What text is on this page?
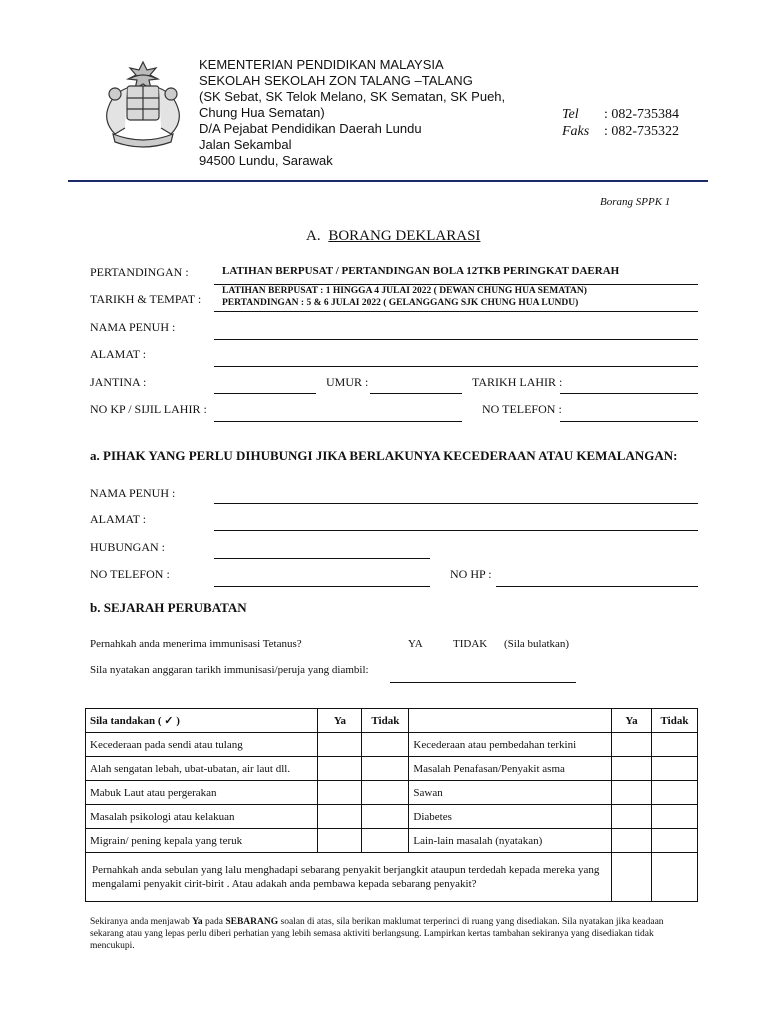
KEMENTERIAN PENDIDIKAN MALAYSIA
SEKOLAH SEKOLAH ZON TALANG –TALANG
(SK Sebat, SK Telok Melano, SK Sematan, SK Pueh,
Chung Hua Sematan)
D/A Pejabat Pendidikan Daerah Lundu
Jalan Sekambal
94500 Lundu, Sarawak
Tel : 082-735384
Faks : 082-735322
Borang SPPK 1
A. BORANG DEKLARASI
PERTANDINGAN :	LATIHAN BERPUSAT / PERTANDINGAN BOLA 12TKB PERINGKAT DAERAH
TARIKH & TEMPAT :
LATIHAN BERPUSAT : 1 HINGGA 4 JULAI 2022 ( DEWAN CHUNG HUA SEMATAN)
PERTANDINGAN : 5 & 6 JULAI 2022 ( GELANGGANG SJK CHUNG HUA LUNDU)
NAMA PENUH :
ALAMAT :
JANTINA :	UMUR :	TARIKH LAHIR :
NO KP / SIJIL LAHIR :	NO TELEFON :
a. PIHAK YANG PERLU DIHUBUNGI JIKA BERLAKUNYA KECEDERAAN ATAU KEMALANGAN:
NAMA PENUH :
ALAMAT :
HUBUNGAN :
NO TELEFON :	NO HP :
b. SEJARAH PERUBATAN
Pernahkah anda menerima immunisasi Tetanus?	YA	TIDAK (Sila bulatkan)
Sila nyatakan anggaran tarikh immunisasi/peruja yang diambil:
Sila tandakan ( ✓ )	Ya	Tidak		Ya	Tidak
Kecederaan pada sendi atau tulang			Kecederaan atau pembedahan terkini		
Alah sengatan lebah, ubat-ubatan, air laut dll.			Masalah Penafasan/Penyakit asma		
Mabuk Laut atau pergerakan			Sawan		
Masalah psikologi atau kelakuan			Diabetes		
Migrain/ pening kepala yang teruk			Lain-lain masalah (nyatakan)		
Pernahkah anda sebulan yang lalu menghadapi sebarang penyakit berjangkit ataupun terdedah kepada mereka yang mengalami penyakit cirit-birit . Atau adakah anda pembawa kepada sebarang penyakit?					
Sekiranya anda menjawab Ya pada SEBARANG soalan di atas, sila berikan maklumat terperinci di ruang yang disediakan. Sila nyatakan jika keadaan sekarang atau yang lepas perlu diberi perhatian yang lebih semasa aktiviti berlangsung. Lampirkan kertas tambahan sekiranya yang disediakan tidak mencukupi.
